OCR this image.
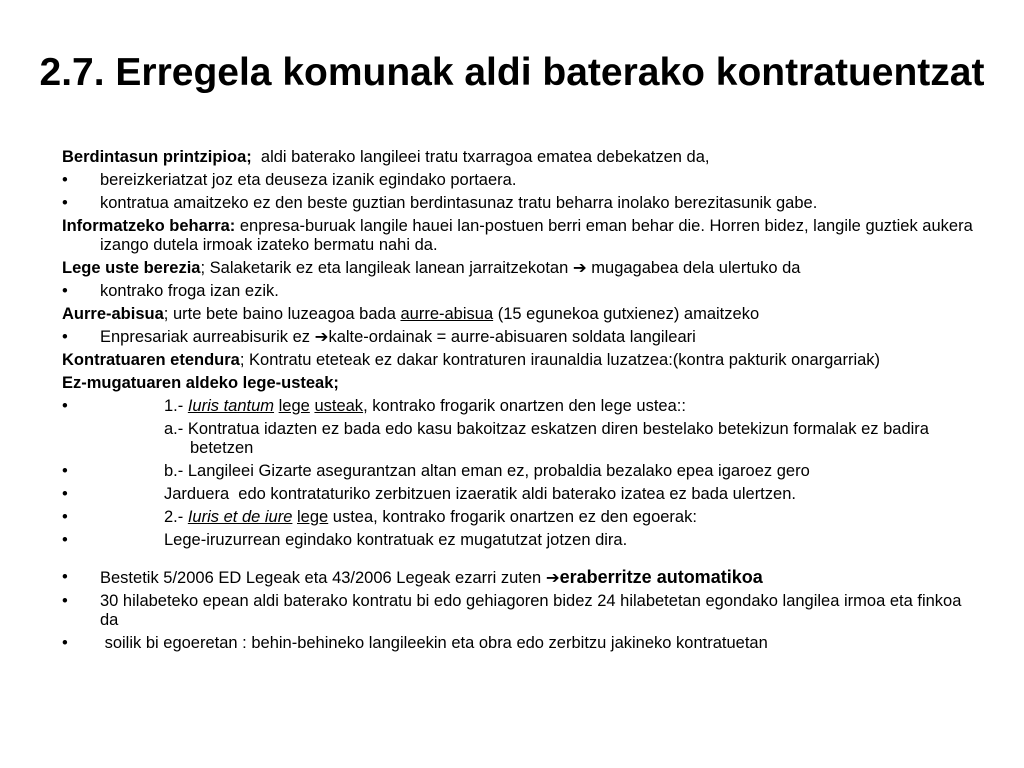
2.7. Erregela komunak aldi baterako kontratuentzat
Berdintasun printzipioa;  aldi baterako langileei tratu txarragoa ematea debekatzen da,
• bereizkeriatzat joz eta deuseza izanik egindako portaera.
• kontratua amaitzeko ez den beste guztian berdintasunaz tratu beharra inolako berezitasunik gabe.
Informatzeko beharra: enpresa-buruak langile hauei lan-postuen berri eman behar die. Horren bidez, langile guztiek aukera izango dutela irmoak izateko bermatu nahi da.
Lege uste berezia; Salaketarik ez eta langileak lanean jarraitzekotan ➔ mugagabea dela ulertuko da
• kontrako froga izan ezik.
Aurre-abisua; urte bete baino luzeagoa bada aurre-abisua (15 egunekoa gutxienez) amaitzeko
• Enpresariak aurreabisurik ez ➔kalte-ordainak = aurre-abisuaren soldata langileari
Kontratuaren etendura; Kontratu eteteak ez dakar kontraturen iraunaldia luzatzea:(kontra pakturik onargarriak)
Ez-mugatuaren aldeko lege-usteak;
•	1.- Iuris tantum lege usteak, kontrako frogarik onartzen den lege ustea::
a.- Kontratua idazten ez bada edo kasu bakoitzaz eskatzen diren bestelako betekizun formalak ez badira betetzen
•	b.- Langileei Gizarte asegurantzan altan eman ez, probaldia bezalako epea igaroez gero
•	Jarduera  edo kontrataturiko zerbitzuen izaeratik aldi baterako izatea ez bada ulertzen.
•	2.- Iuris et de iure lege ustea, kontrako frogarik onartzen ez den egoerak:
•	Lege-iruzurrean egindako kontratuak ez mugatutzat jotzen dira.
• Bestetik 5/2006 ED Legeak eta 43/2006 Legeak ezarri zuten ➔eraberritze automatikoa
• 30 hilabeteko epean aldi baterako kontratu bi edo gehiagoren bidez 24 hilabetetan egondako langilea irmoa eta finkoa da
• soilik bi egoeretan : behin-behineko langileekin eta obra edo zerbitzu jakineko kontratuetan
